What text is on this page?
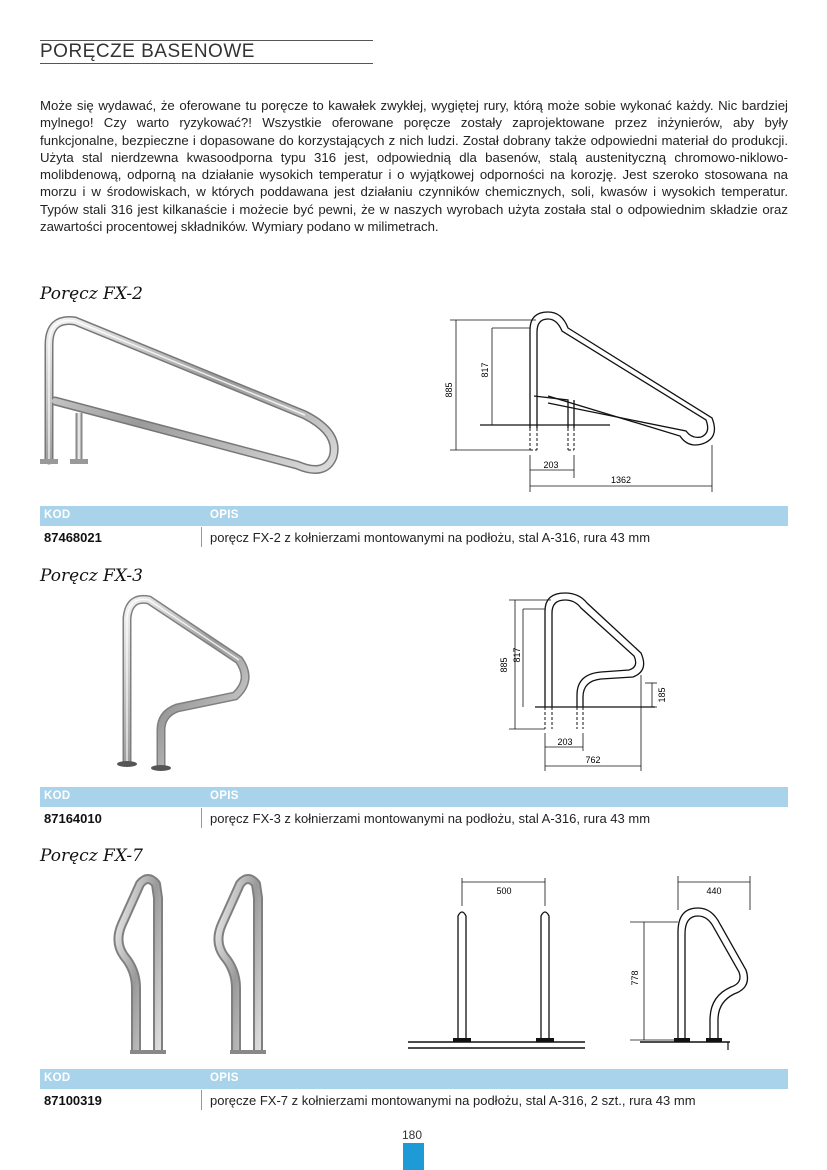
PORĘCZE BASENOWE
Może się wydawać, że oferowane tu poręcze to kawałek zwykłej, wygiętej rury, którą może sobie wykonać każdy. Nic bardziej mylnego! Czy warto ryzykować?! Wszystkie oferowane poręcze zostały zaprojektowane przez inżynierów, aby były funkcjonalne, bezpieczne i dopasowane do korzystających z nich ludzi. Został dobrany także odpowiedni materiał do produkcji. Użyta stal nierdzewna kwasoodporna typu 316 jest, odpowiednią dla basenów, stalą austenityczną chromowo-niklowo-molibdenową, odporną na działanie wysokich temperatur i o wyjątkowej odporności na korozję. Jest szeroko stosowana na morzu i w środowiskach, w których poddawana jest działaniu czynników chemicznych, soli, kwasów i wysokich temperatur. Typów stali 316 jest kilkanaście i możecie być pewni, że w naszych wyrobach użyta została stal o odpowiednim składzie oraz zawartości procentowej składników. Wymiary podano w milimetrach.
Poręcz FX-2
885
817
203
1362
KOD	OPIS
87468021	poręcz FX-2 z kołnierzami montowanymi na podłożu, stal A-316, rura 43 mm
Poręcz FX-3
885
817
185
203
762
KOD	OPIS
87164010	poręcz FX-3 z kołnierzami montowanymi na podłożu, stal A-316, rura 43 mm
Poręcz FX-7
500	440
778
KOD	OPIS
87100319	poręcze FX-7 z kołnierzami montowanymi na podłożu, stal A-316, 2 szt., rura 43 mm
180
